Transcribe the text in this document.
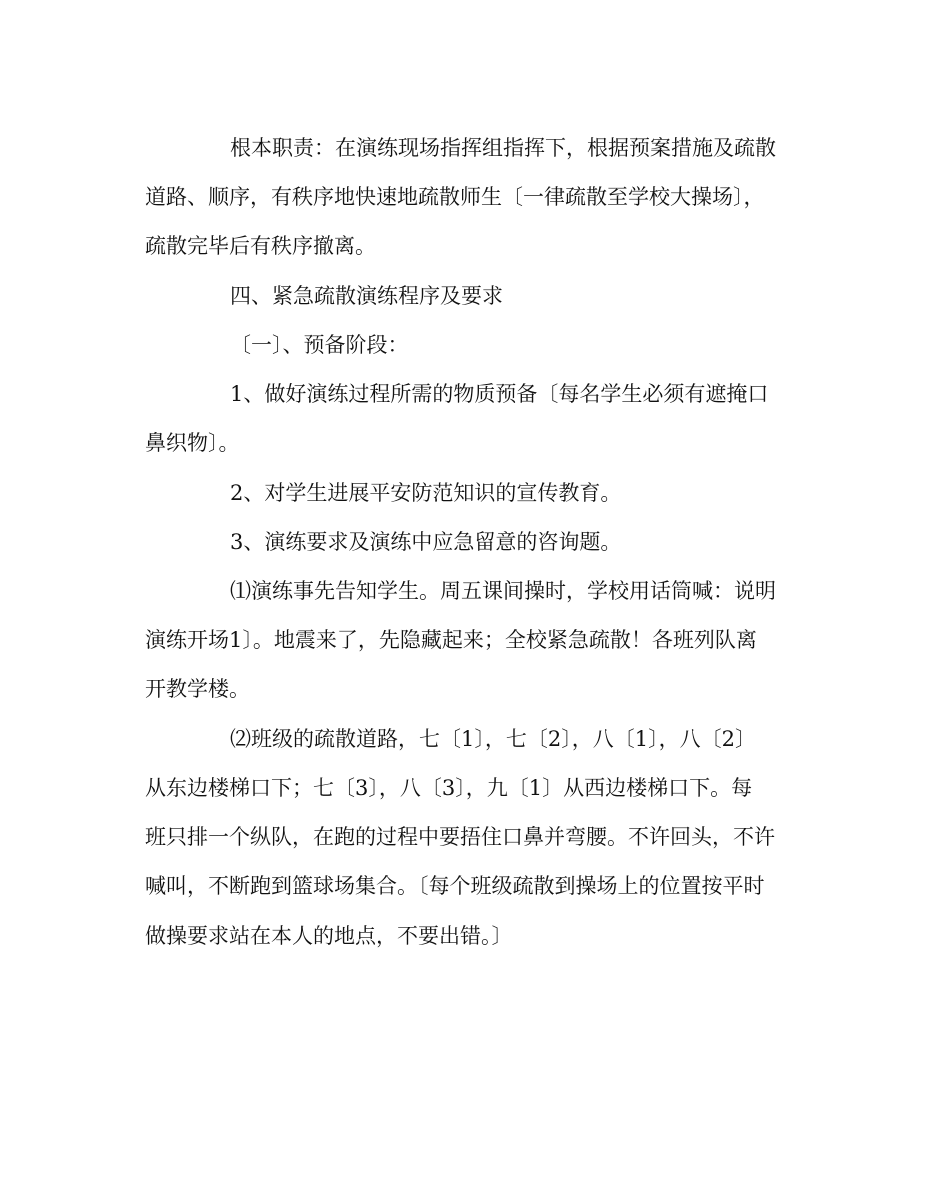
根本职责：在演练现场指挥组指挥下，根据预案措施及疏散
道路、顺序，有秩序地快速地疏散师生〔一律疏散至学校大操场〕，
疏散完毕后有秩序撤离。
四、紧急疏散演练程序及要求
〔一〕、预备阶段：
1、做好演练过程所需的物质预备〔每名学生必须有遮掩口
鼻织物〕。
2、对学生进展平安防范知识的宣传教育。
3、演练要求及演练中应急留意的咨询题。
⑴演练事先告知学生。周五课间操时，学校用话筒喊：说明
演练开场1〕。地震来了，先隐藏起来；全校紧急疏散！各班列队离
开教学楼。
⑵班级的疏散道路，七〔1〕，七〔2〕，八〔1〕，八〔2〕
从东边楼梯口下；七〔3〕，八〔3〕，九〔1〕从西边楼梯口下。每
班只排一个纵队，在跑的过程中要捂住口鼻并弯腰。不许回头，不许
喊叫，不断跑到篮球场集合。〔每个班级疏散到操场上的位置按平时
做操要求站在本人的地点，不要出错。〕
